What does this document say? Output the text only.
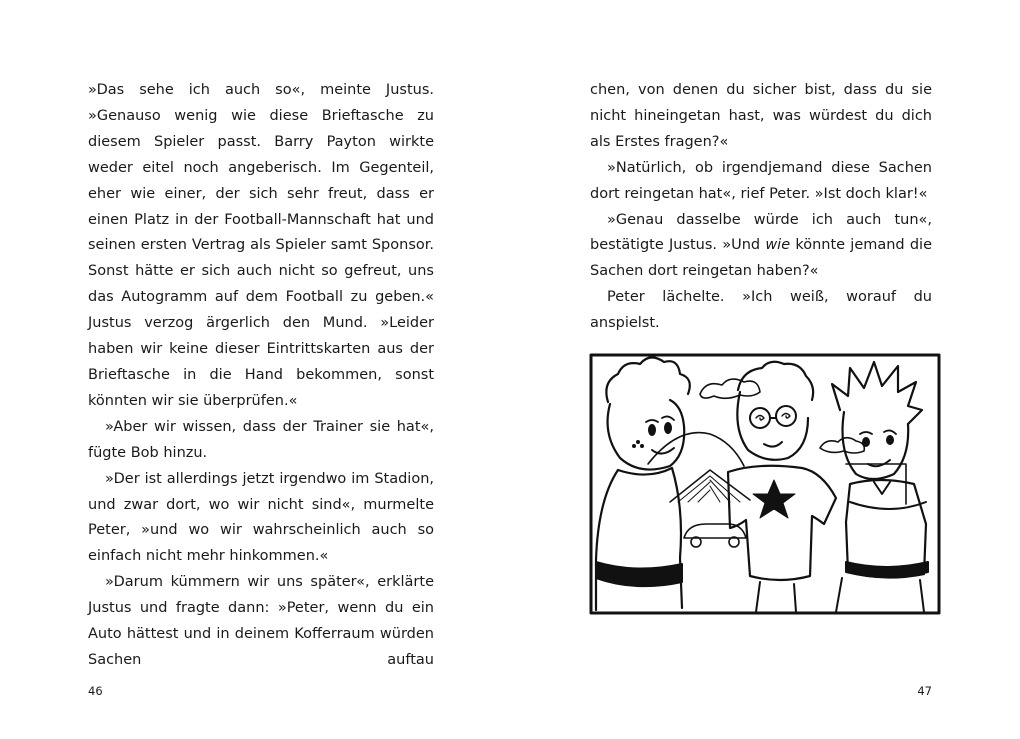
»Das sehe ich auch so«, meinte Justus. »Genauso wenig wie diese Brieftasche zu diesem Spieler passt. Barry Payton wirkte weder eitel noch angeberisch. Im Gegenteil, eher wie einer, der sich sehr freut, dass er einen Platz in der Football-Mannschaft hat und seinen ersten Vertrag als Spieler samt Sponsor. Sonst hätte er sich auch nicht so gefreut, uns das Autogramm auf dem Football zu geben.« Justus verzog ärgerlich den Mund. »Leider haben wir keine dieser Eintrittskarten aus der Brieftasche in die Hand bekommen, sonst könnten wir sie überprüfen.«

»Aber wir wissen, dass der Trainer sie hat«, fügte Bob hinzu.

»Der ist allerdings jetzt irgendwo im Stadion, und zwar dort, wo wir nicht sind«, murmelte Peter, »und wo wir wahrscheinlich auch so einfach nicht mehr hinkommen.«

»Darum kümmern wir uns später«, erklärte Justus und fragte dann: »Peter, wenn du ein Auto hättest und in deinem Kofferraum würden Sachen auftau

46

chen, von denen du sicher bist, dass du sie nicht hineingetan hast, was würdest du dich als Erstes fragen?«

»Natürlich, ob irgendjemand diese Sachen dort reingetan hat«, rief Peter. »Ist doch klar!«

»Genau dasselbe würde ich auch tun«, bestätigte Justus. »Und wie könnte jemand die Sachen dort reingetan haben?«

Peter lächelte. »Ich weiß, worauf du anspielst.

47
